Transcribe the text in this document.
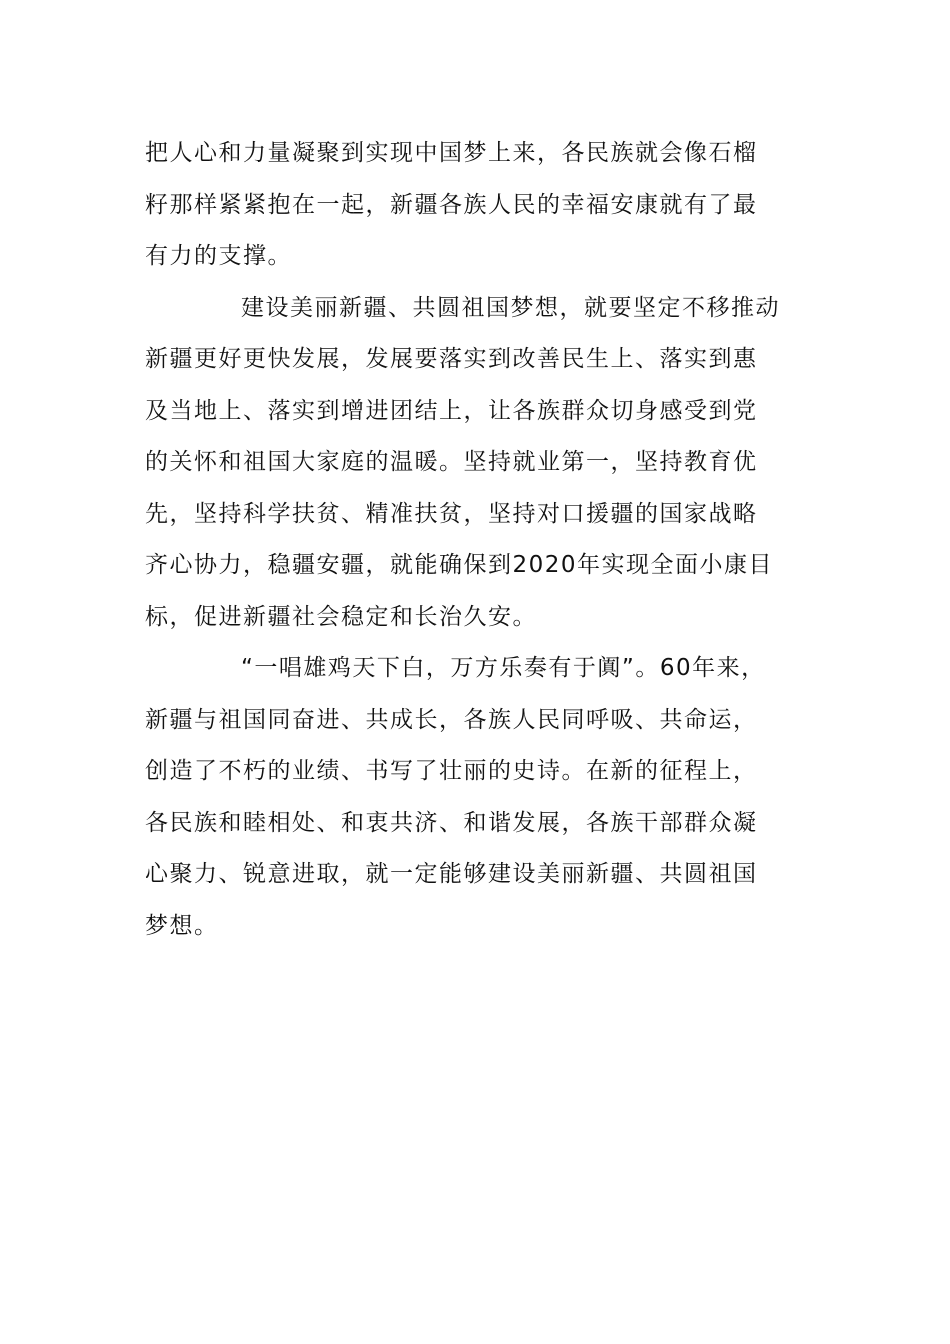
把人心和力量凝聚到实现中国梦上来，各民族就会像石榴
籽那样紧紧抱在一起，新疆各族人民的幸福安康就有了最
有力的支撑。

建设美丽新疆、共圆祖国梦想，就要坚定不移推动
新疆更好更快发展，发展要落实到改善民生上、落实到惠
及当地上、落实到增进团结上，让各族群众切身感受到党
的关怀和祖国大家庭的温暖。坚持就业第一，坚持教育优
先，坚持科学扶贫、精准扶贫，坚持对口援疆的国家战略
齐心协力，稳疆安疆，就能确保到2020年实现全面小康目
标，促进新疆社会稳定和长治久安。

“一唱雄鸡天下白，万方乐奏有于阗”。60年来，
新疆与祖国同奋进、共成长，各族人民同呼吸、共命运，
创造了不朽的业绩、书写了壮丽的史诗。在新的征程上，
各民族和睦相处、和衷共济、和谐发展，各族干部群众凝
心聚力、锐意进取，就一定能够建设美丽新疆、共圆祖国
梦想。
